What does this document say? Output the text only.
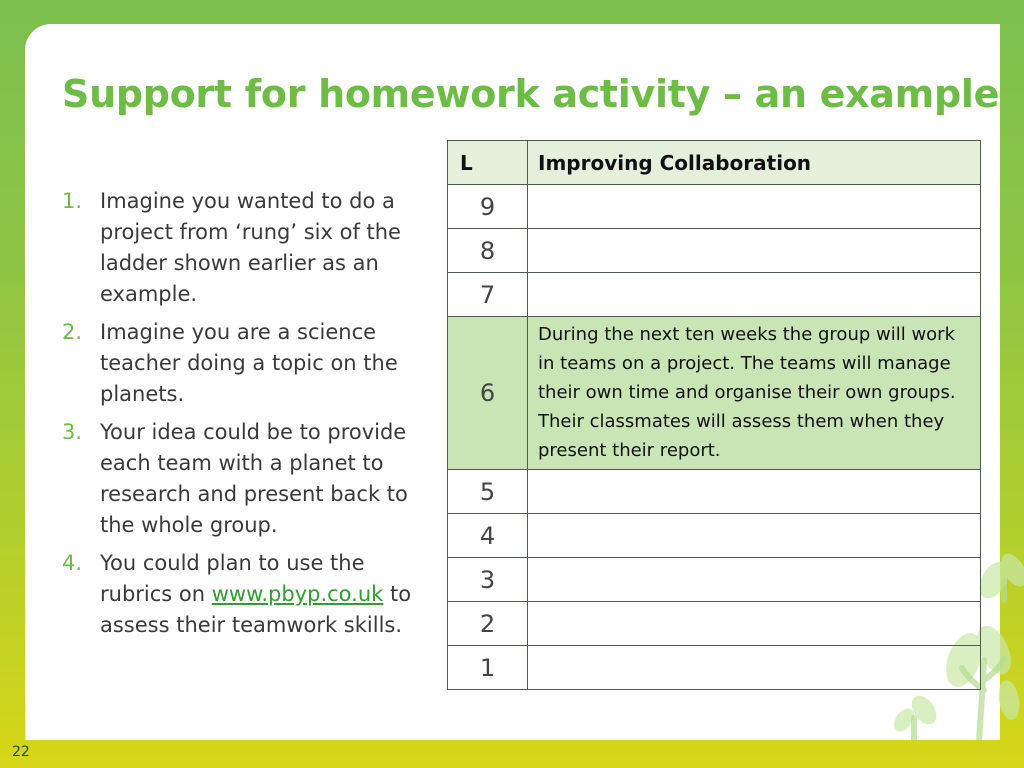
Support for homework activity – an example
1. Imagine you wanted to do a project from ‘rung’ six of the ladder shown earlier as an example.
2. Imagine you are a science teacher doing a topic on the planets.
3. Your idea could be to provide each team with a planet to research and present back to the whole group.
4. You could plan to use the rubrics on www.pbyp.co.uk to assess their teamwork skills.
L	Improving Collaboration
9	
8	
7	
6	During the next ten weeks the group will work in teams on a project. The teams will manage their own time and organise their own groups. Their classmates will assess them when they present their report.
5	
4	
3	
2	
1	
22
